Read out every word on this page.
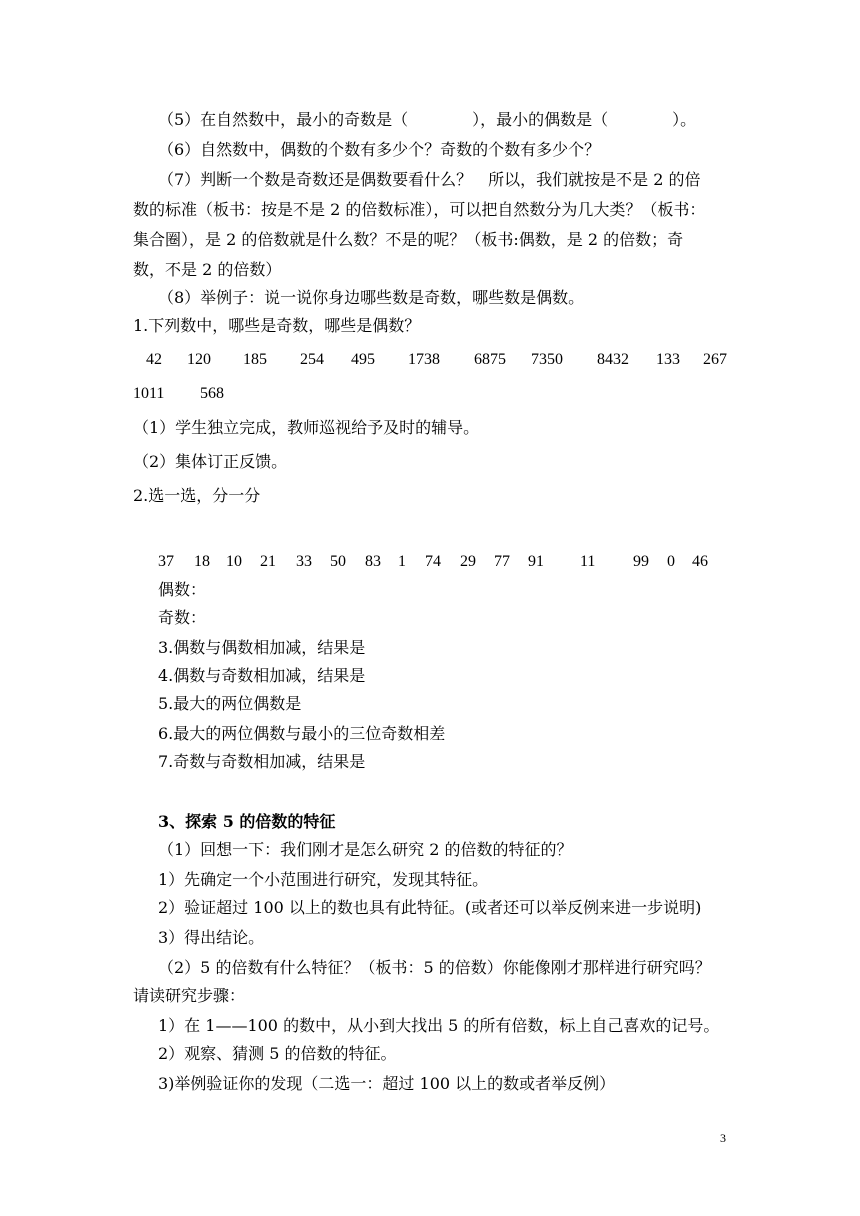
（5）在自然数中，最小的奇数是（　　　　），最小的偶数是（　　　　）。
（6）自然数中，偶数的个数有多少个？奇数的个数有多少个？
（7）判断一个数是奇数还是偶数要看什么？　所以，我们就按是不是 2 的倍
数的标准（板书：按是不是 2 的倍数标准），可以把自然数分为几大类？（板书：
集合圈），是 2 的倍数就是什么数？不是的呢？（板书:偶数，是 2 的倍数；奇
数，不是 2 的倍数）
（8）举例子：说一说你身边哪些数是奇数，哪些数是偶数。
1.下列数中，哪些是奇数，哪些是偶数？
42 120 185 254 495 1738 6875 7350 8432 133 267
1011 568
（1）学生独立完成，教师巡视给予及时的辅导。
（2）集体订正反馈。
2.选一选，分一分
37 18 10 21 33 50 83 1 74 29 77 91 11 99 0 46
偶数：
奇数：
3.偶数与偶数相加减，结果是
4.偶数与奇数相加减，结果是
5.最大的两位偶数是
6.最大的两位偶数与最小的三位奇数相差
7.奇数与奇数相加减，结果是
3、探索 5 的倍数的特征
（1）回想一下：我们刚才是怎么研究 2 的倍数的特征的？
1）先确定一个小范围进行研究，发现其特征。
2）验证超过 100 以上的数也具有此特征。(或者还可以举反例来进一步说明)
3）得出结论。
（2）5 的倍数有什么特征？（板书：5 的倍数）你能像刚才那样进行研究吗？
请读研究步骤：
1）在 1——100 的数中，从小到大找出 5 的所有倍数，标上自己喜欢的记号。
2）观察、猜测 5 的倍数的特征。
3)举例验证你的发现（二选一：超过 100 以上的数或者举反例）
3
